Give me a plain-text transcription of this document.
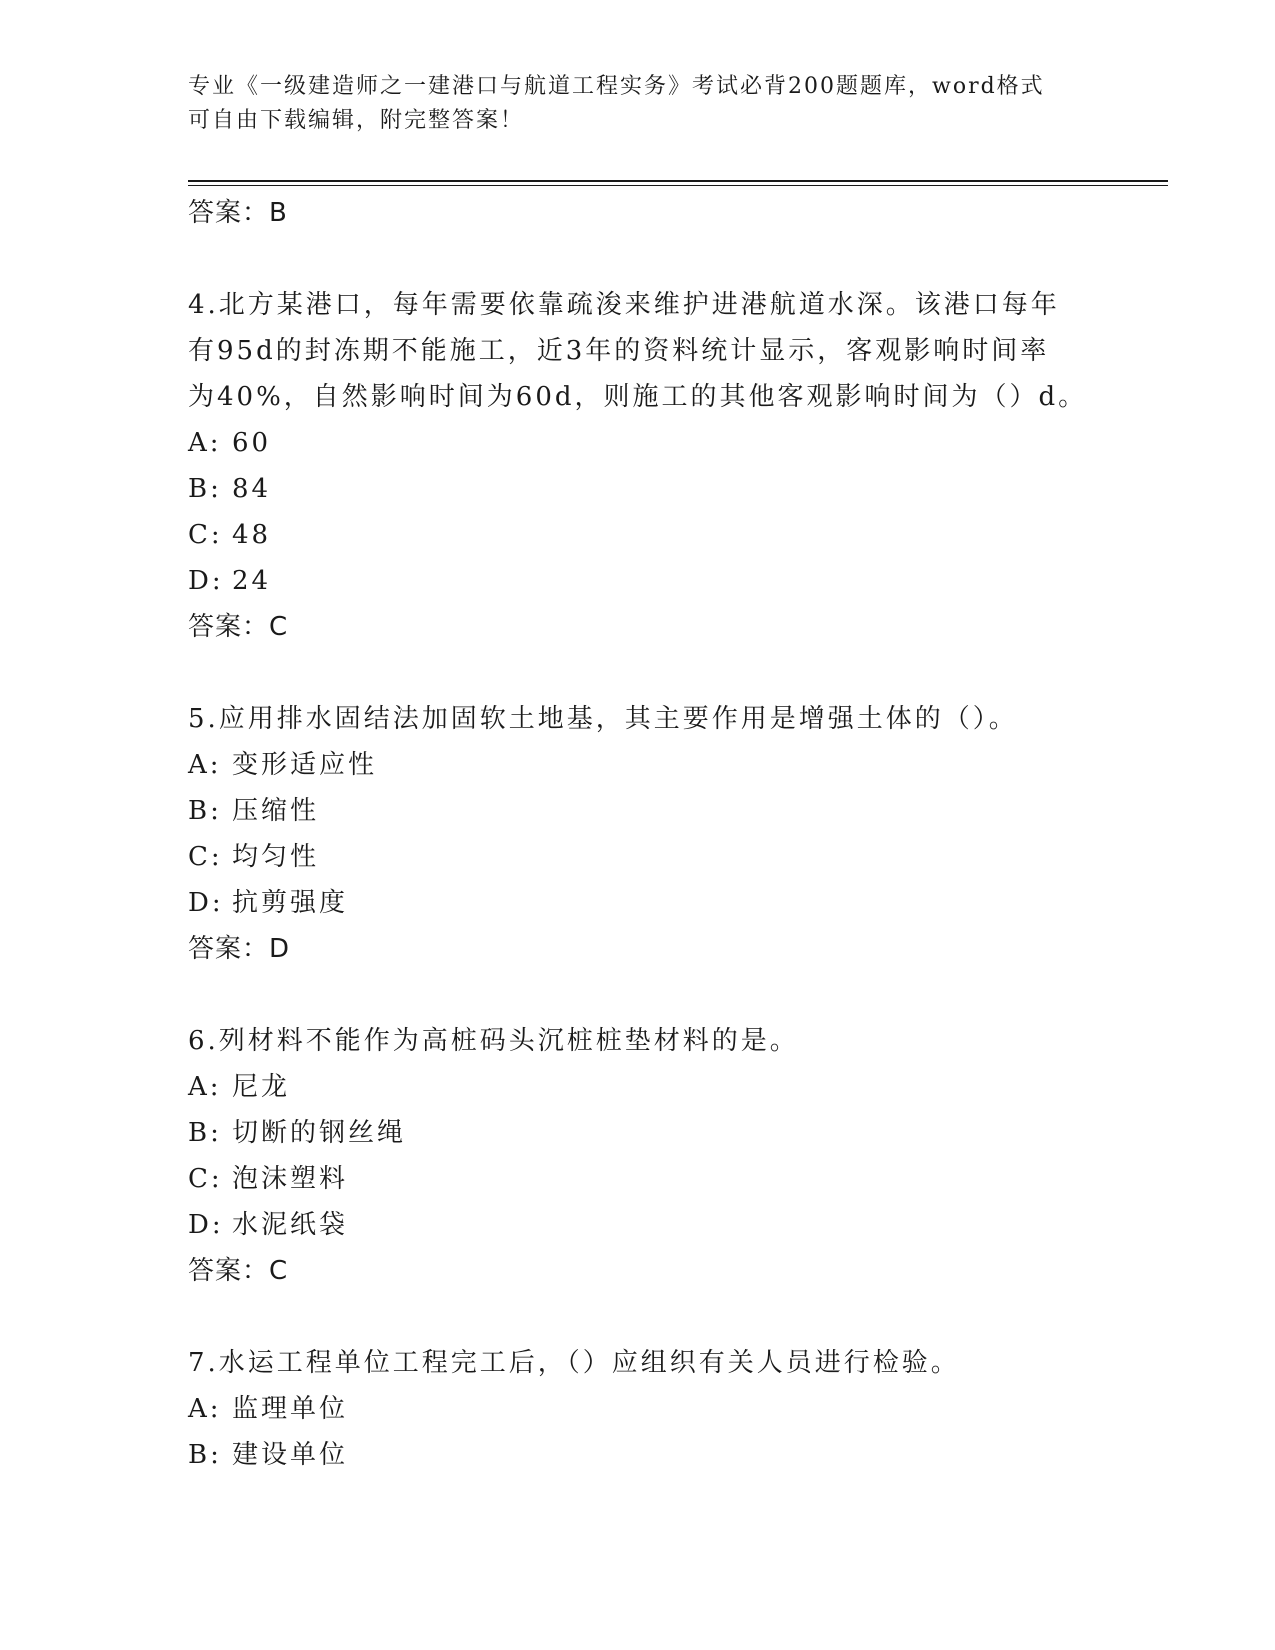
专业《一级建造师之一建港口与航道工程实务》考试必背200题题库，word格式
可自由下载编辑，附完整答案！

答案：B

4.北方某港口，每年需要依靠疏浚来维护进港航道水深。该港口每年

有95d的封冻期不能施工，近3年的资料统计显示，客观影响时间率

为40%，自然影响时间为60d，则施工的其他客观影响时间为（）d。

A: 60

B: 84

C: 48

D: 24

答案：C

5.应用排水固结法加固软土地基，其主要作用是增强土体的（）。

A: 变形适应性

B: 压缩性

C: 均匀性

D: 抗剪强度

答案：D

6.列材料不能作为高桩码头沉桩桩垫材料的是。

A: 尼龙

B: 切断的钢丝绳

C: 泡沫塑料

D: 水泥纸袋

答案：C

7.水运工程单位工程完工后，（）应组织有关人员进行检验。

A: 监理单位

B: 建设单位
